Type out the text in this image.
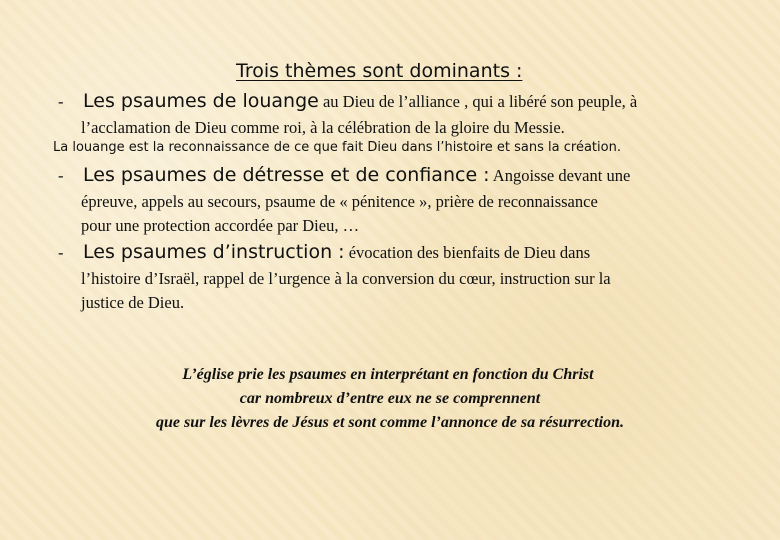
Trois thèmes sont dominants :
- Les psaumes de louange au Dieu de l’alliance , qui a libéré son peuple, à
l’acclamation de Dieu comme roi, à la célébration de la gloire du Messie.
La louange est la reconnaissance de ce que fait Dieu dans l’histoire et sans la création.
- Les psaumes de détresse et de confiance : Angoisse devant une
épreuve, appels au secours, psaume de « pénitence », prière de reconnaissance
pour une protection accordée par Dieu, …
- Les psaumes d’instruction : évocation des bienfaits de Dieu dans
l’histoire d’Israël, rappel de l’urgence à la conversion du cœur, instruction sur la
justice de Dieu.
L’église prie les psaumes en interprétant en fonction du Christ
car nombreux d’entre eux ne se comprennent
que sur les lèvres de Jésus et sont comme l’annonce de sa résurrection.
